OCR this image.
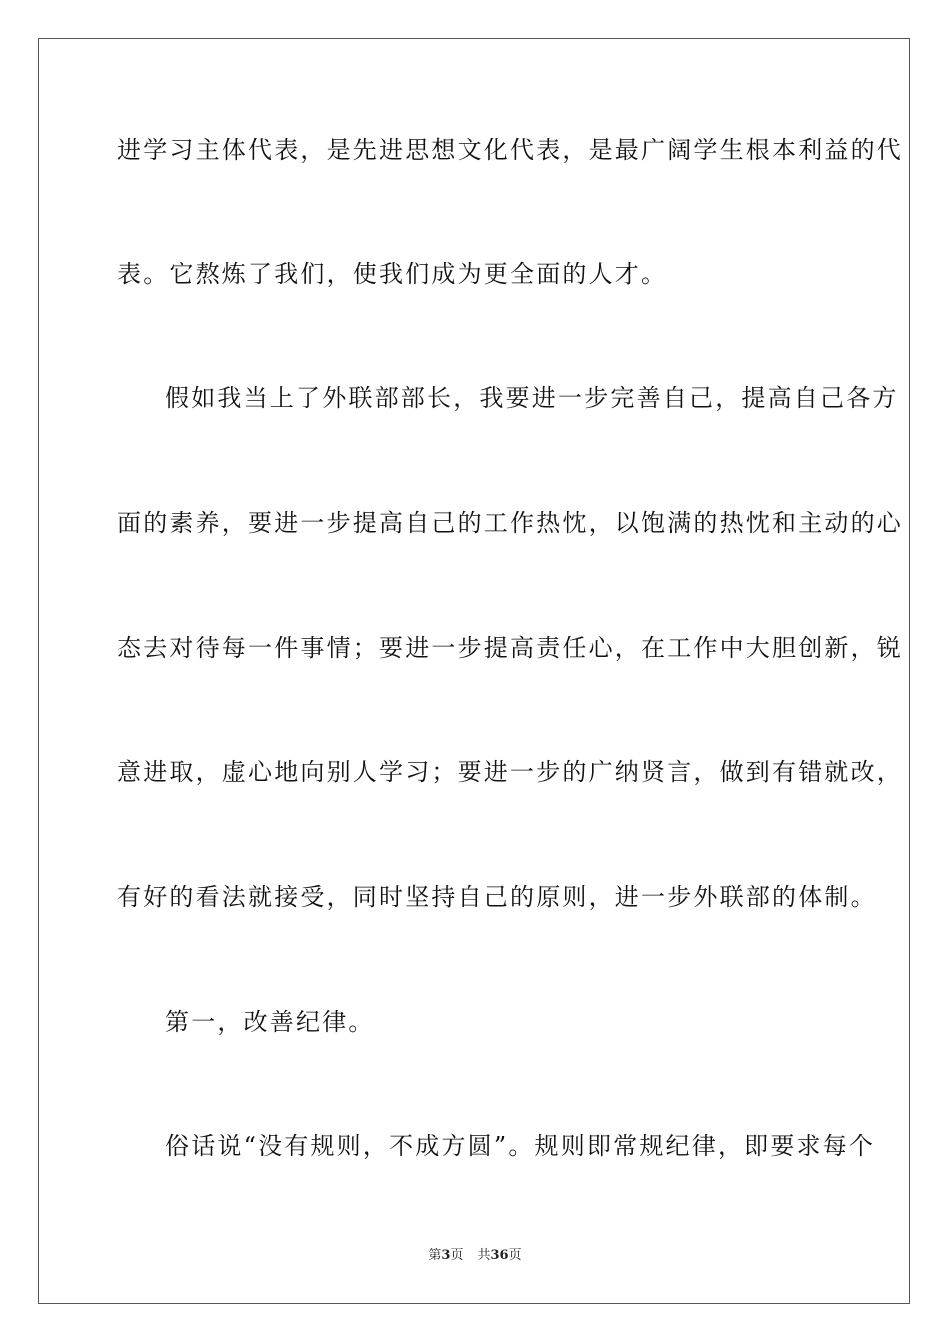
进学习主体代表，是先进思想文化代表，是最广阔学生根本利益的代
表。它熬炼了我们，使我们成为更全面的人才。
假如我当上了外联部部长，我要进一步完善自己，提高自己各方
面的素养，要进一步提高自己的工作热忱，以饱满的热忱和主动的心
态去对待每一件事情；要进一步提高责任心，在工作中大胆创新，锐
意进取，虚心地向别人学习；要进一步的广纳贤言，做到有错就改，
有好的看法就接受，同时坚持自己的原则，进一步外联部的体制。
第一，改善纪律。
俗话说“没有规则，不成方圆”。规则即常规纪律，即要求每个
第3页 共36页
